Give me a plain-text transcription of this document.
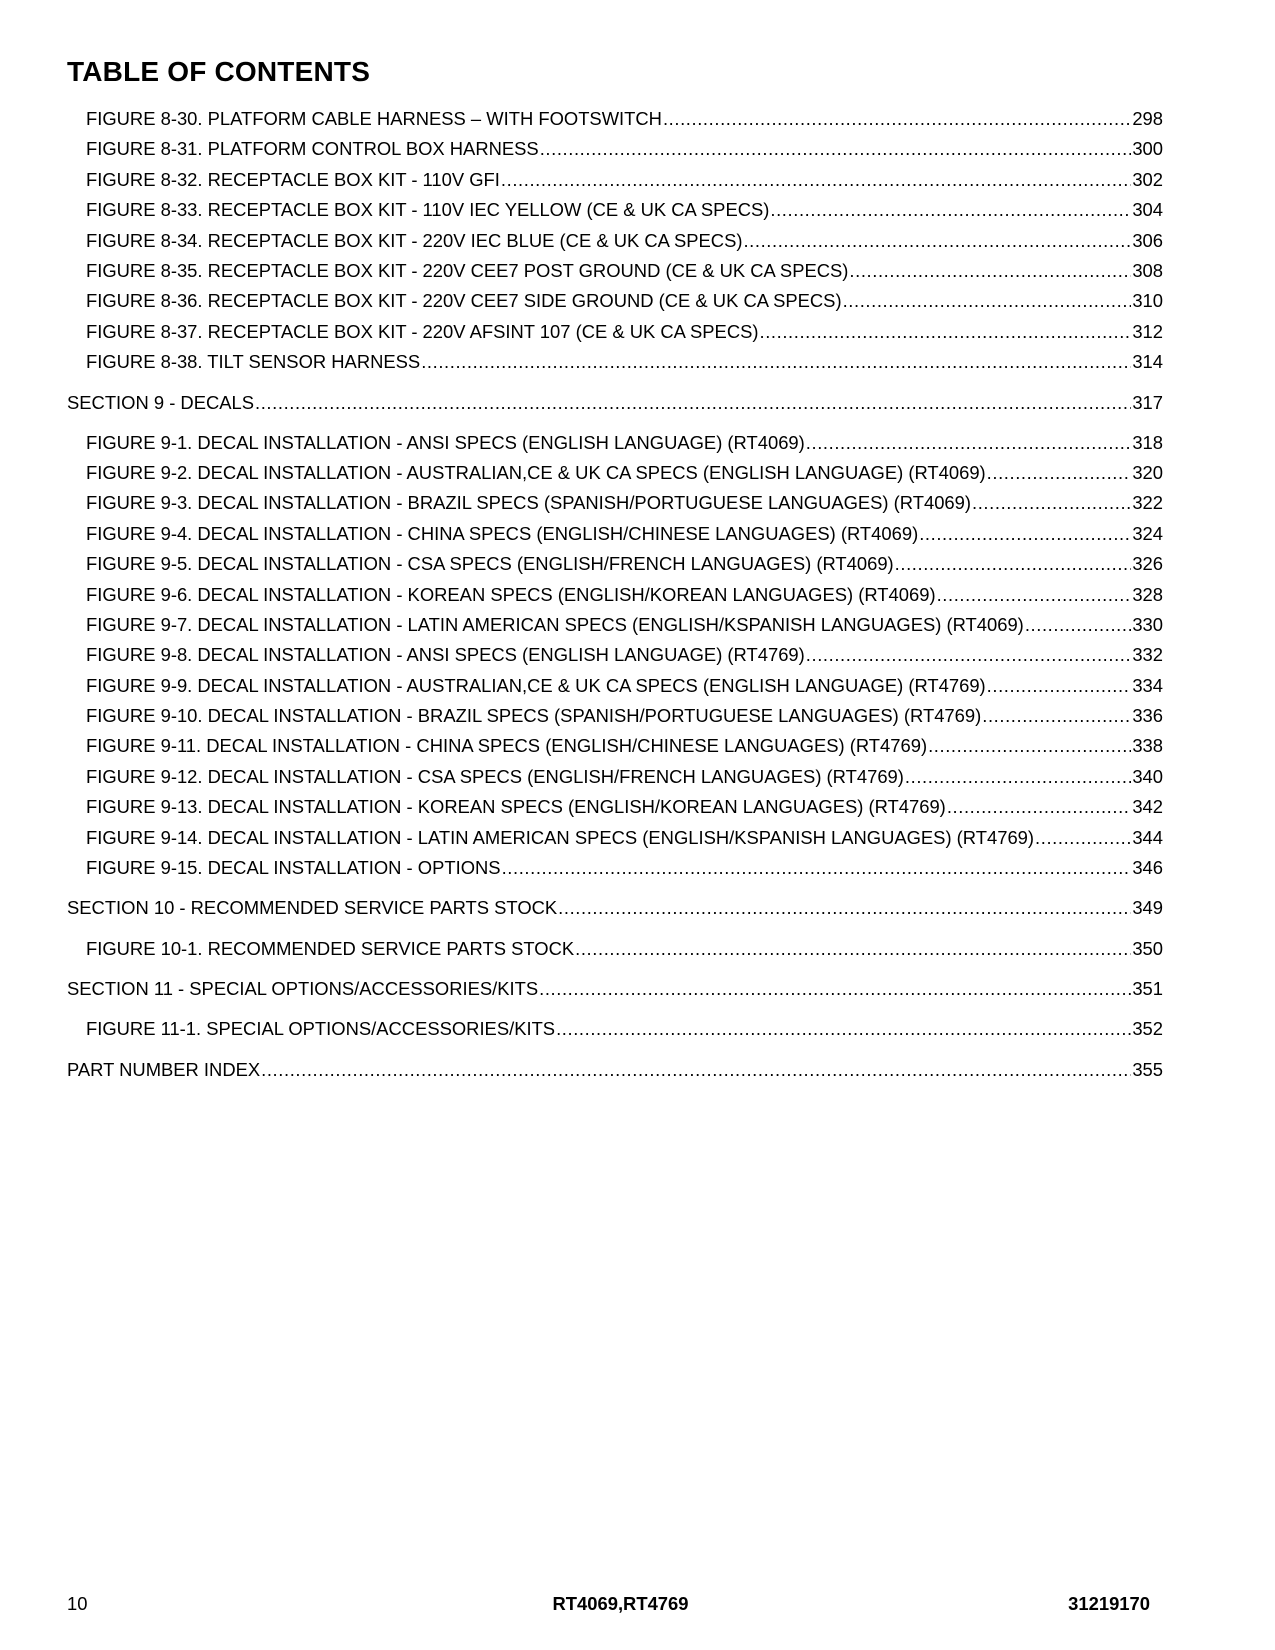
TABLE OF CONTENTS
FIGURE 8-30. PLATFORM CABLE HARNESS – WITH FOOTSWITCH .....	298
FIGURE 8-31. PLATFORM CONTROL BOX HARNESS .....	300
FIGURE 8-32. RECEPTACLE BOX KIT - 110V GFI .....	302
FIGURE 8-33. RECEPTACLE BOX KIT - 110V IEC YELLOW (CE & UK CA SPECS) .....	304
FIGURE 8-34. RECEPTACLE BOX KIT - 220V IEC BLUE (CE & UK CA SPECS) .....	306
FIGURE 8-35. RECEPTACLE BOX KIT - 220V CEE7 POST GROUND (CE & UK CA SPECS) .....	308
FIGURE 8-36. RECEPTACLE BOX KIT - 220V CEE7 SIDE GROUND (CE & UK CA SPECS) .....	310
FIGURE 8-37. RECEPTACLE BOX KIT - 220V AFSINT 107 (CE & UK CA SPECS) .....	312
FIGURE 8-38. TILT SENSOR HARNESS .....	314
SECTION 9 - DECALS .....	317
FIGURE 9-1. DECAL INSTALLATION - ANSI SPECS (ENGLISH LANGUAGE) (RT4069) .....	318
FIGURE 9-2. DECAL INSTALLATION - AUSTRALIAN,CE & UK CA SPECS (ENGLISH LANGUAGE) (RT4069) .....	320
FIGURE 9-3. DECAL INSTALLATION - BRAZIL SPECS (SPANISH/PORTUGUESE LANGUAGES) (RT4069) .....	322
FIGURE 9-4. DECAL INSTALLATION - CHINA SPECS (ENGLISH/CHINESE LANGUAGES) (RT4069) .....	324
FIGURE 9-5. DECAL INSTALLATION - CSA SPECS (ENGLISH/FRENCH LANGUAGES) (RT4069) .....	326
FIGURE 9-6. DECAL INSTALLATION - KOREAN SPECS (ENGLISH/KOREAN LANGUAGES) (RT4069) .....	328
FIGURE 9-7. DECAL INSTALLATION - LATIN AMERICAN SPECS (ENGLISH/KSPANISH LANGUAGES) (RT4069) .....	330
FIGURE 9-8. DECAL INSTALLATION - ANSI SPECS (ENGLISH LANGUAGE) (RT4769) .....	332
FIGURE 9-9. DECAL INSTALLATION - AUSTRALIAN,CE & UK CA SPECS (ENGLISH LANGUAGE) (RT4769) .....	334
FIGURE 9-10. DECAL INSTALLATION - BRAZIL SPECS (SPANISH/PORTUGUESE LANGUAGES) (RT4769) .....	336
FIGURE 9-11. DECAL INSTALLATION - CHINA SPECS (ENGLISH/CHINESE LANGUAGES) (RT4769) .....	338
FIGURE 9-12. DECAL INSTALLATION - CSA SPECS (ENGLISH/FRENCH LANGUAGES) (RT4769) .....	340
FIGURE 9-13. DECAL INSTALLATION - KOREAN SPECS (ENGLISH/KOREAN LANGUAGES) (RT4769) .....	342
FIGURE 9-14. DECAL INSTALLATION - LATIN AMERICAN SPECS (ENGLISH/KSPANISH LANGUAGES) (RT4769) .....	344
FIGURE 9-15. DECAL INSTALLATION - OPTIONS .....	346
SECTION 10 - RECOMMENDED SERVICE PARTS STOCK .....	349
FIGURE 10-1. RECOMMENDED SERVICE PARTS STOCK .....	350
SECTION 11 - SPECIAL OPTIONS/ACCESSORIES/KITS .....	351
FIGURE 11-1. SPECIAL OPTIONS/ACCESSORIES/KITS .....	352
PART NUMBER INDEX .....	355
10	RT4069,RT4769	31219170
